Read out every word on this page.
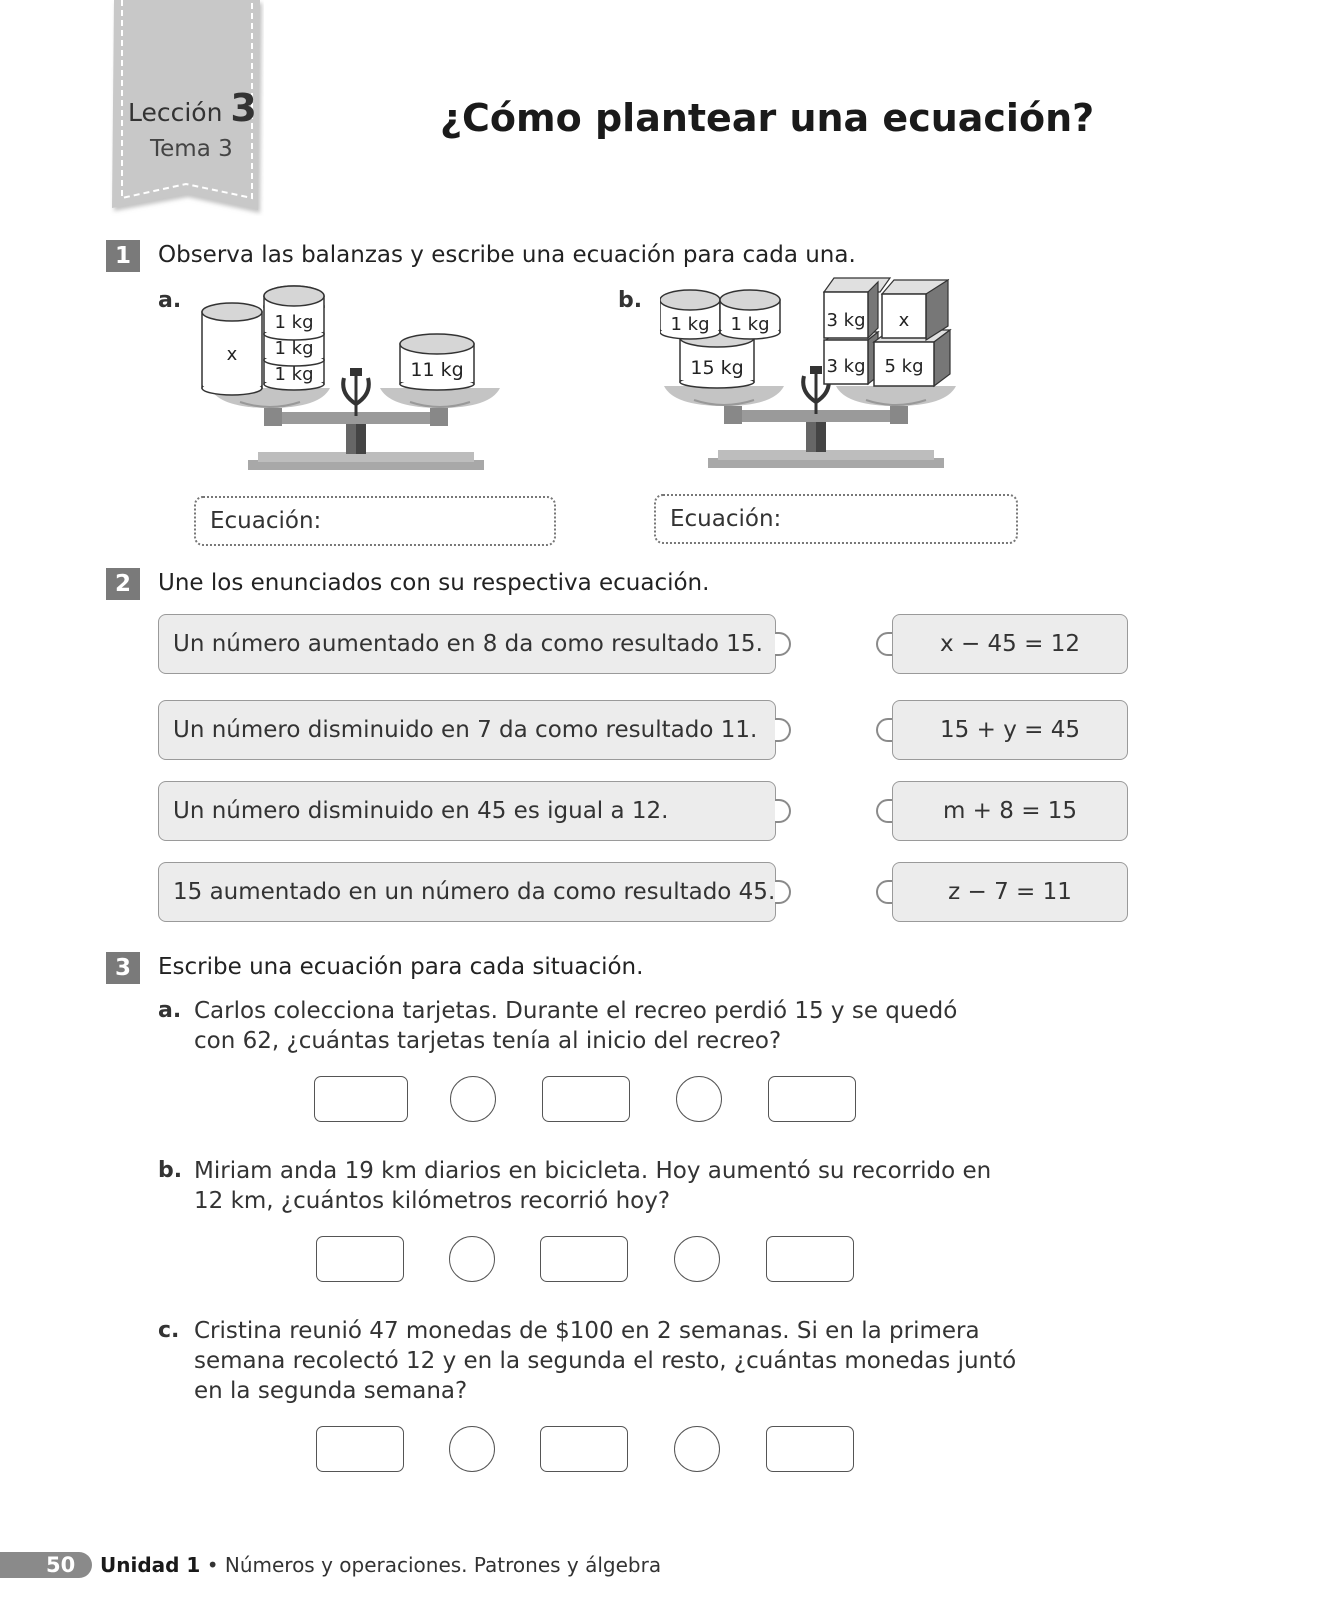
Lección 3
Tema 3
¿Cómo plantear una ecuación?
1	Observa las balanzas y escribe una ecuación para cada una.
a.	b.
x
1 kg
1 kg
1 kg	11 kg	15 kg
1 kg 1 kg
3 kg 5 kg
3 kg x
Ecuación:	Ecuación:
2	Une los enunciados con su respectiva ecuación.
Un número aumentado en 8 da como resultado 15.
Un número disminuido en 7 da como resultado 11.
Un número disminuido en 45 es igual a 12.
15 aumentado en un número da como resultado 45.
x − 45 = 12
15 + y = 45
m + 8 = 15
z − 7 = 11
3	Escribe una ecuación para cada situación.
a. Carlos colecciona tarjetas. Durante el recreo perdió 15 y se quedó
con 62, ¿cuántas tarjetas tenía al inicio del recreo?
b. Miriam anda 19 km diarios en bicicleta. Hoy aumentó su recorrido en
12 km, ¿cuántos kilómetros recorrió hoy?
c. Cristina reunió 47 monedas de $100 en 2 semanas. Si en la primera
semana recolectó 12 y en la segunda el resto, ¿cuántas monedas juntó
en la segunda semana?
50 Unidad 1 • Números y operaciones. Patrones y álgebra
